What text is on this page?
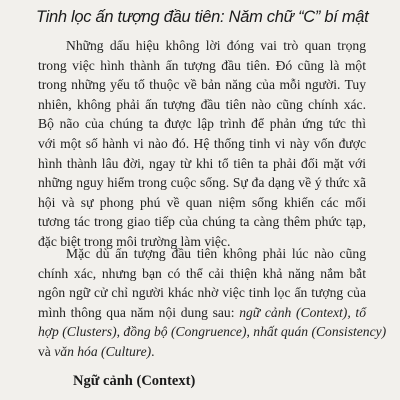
Tinh lọc ấn tượng đầu tiên: Năm chữ “C” bí mật
Những dấu hiệu không lời đóng vai trò quan trọng
trong việc hình thành ấn tượng đầu tiên. Đó cũng là một
trong những yếu tố thuộc về bản năng của mỗi người. Tuy
nhiên, không phải ấn tượng đầu tiên nào cũng chính xác.
Bộ não của chúng ta được lập trình để phản ứng tức thì
với một số hành vi nào đó. Hệ thống tinh vi này vốn được
hình thành lâu đời, ngay từ khi tổ tiên ta phải đối mặt với
những nguy hiểm trong cuộc sống. Sự đa dạng về ý thức xã
hội và sự phong phú về quan niệm sống khiến các mối
tương tác trong giao tiếp của chúng ta càng thêm phức tạp,
đặc biệt trong môi trường làm việc.
Mặc dù ấn tượng đầu tiên không phải lúc nào cũng
chính xác, nhưng bạn có thể cải thiện khả năng nắm bắt
ngôn ngữ cử chỉ người khác nhờ việc tinh lọc ấn tượng của
mình thông qua năm nội dung sau: ngữ cảnh (Context), tổ
hợp (Clusters), đồng bộ (Congruence), nhất quán (Consistency)
và văn hóa (Culture).
Ngữ cảnh (Context)
